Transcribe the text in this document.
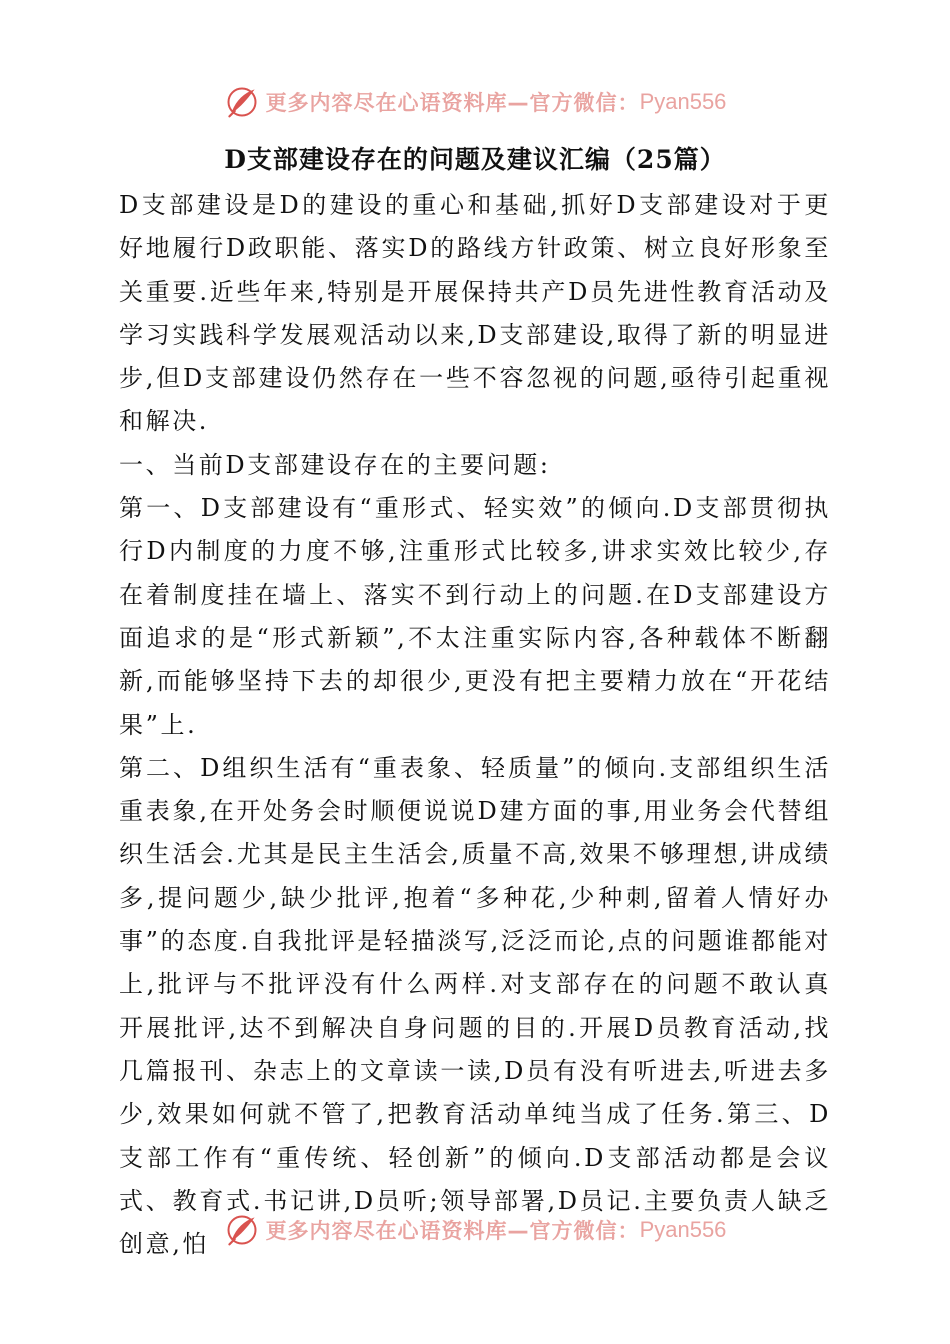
更多内容尽在心语资料库—官方微信： Pyan556
D支部建设存在的问题及建议汇编（25篇）

D支部建设是D的建设的重心和基础,抓好D支部建设对于更好地履行D政职能、落实D的路线方针政策、树立良好形象至关重要.近些年来,特别是开展保持共产D员先进性教育活动及学习实践科学发展观活动以来,D支部建设,取得了新的明显进步,但D支部建设仍然存在一些不容忽视的问题,亟待引起重视和解决.

一、当前D支部建设存在的主要问题:

第一、D支部建设有“重形式、轻实效”的倾向.D支部贯彻执行D内制度的力度不够,注重形式比较多,讲求实效比较少,存在着制度挂在墙上、落实不到行动上的问题.在D支部建设方面追求的是“形式新颖”,不太注重实际内容,各种载体不断翻新,而能够坚持下去的却很少,更没有把主要精力放在“开花结果”上.

第二、D组织生活有“重表象、轻质量”的倾向.支部组织生活重表象,在开处务会时顺便说说D建方面的事,用业务会代替组织生活会.尤其是民主生活会,质量不高,效果不够理想,讲成绩多,提问题少,缺少批评,抱着“多种花,少种刺,留着人情好办事”的态度.自我批评是轻描淡写,泛泛而论,点的问题谁都能对上,批评与不批评没有什么两样.对支部存在的问题不敢认真开展批评,达不到解决自身问题的目的.开展D员教育活动,找几篇报刊、杂志上的文章读一读,D员有没有听进去,听进去多少,效果如何就不管了,把教育活动单纯当成了任务.第三、D支部工作有“重传统、轻创新”的倾向.D支部活动都是会议式、教育式.书记讲,D员听;领导部署,D员记.主要负责人缺乏创意,怕	更多内容尽在心语资料库—官方微信： Pyan556
